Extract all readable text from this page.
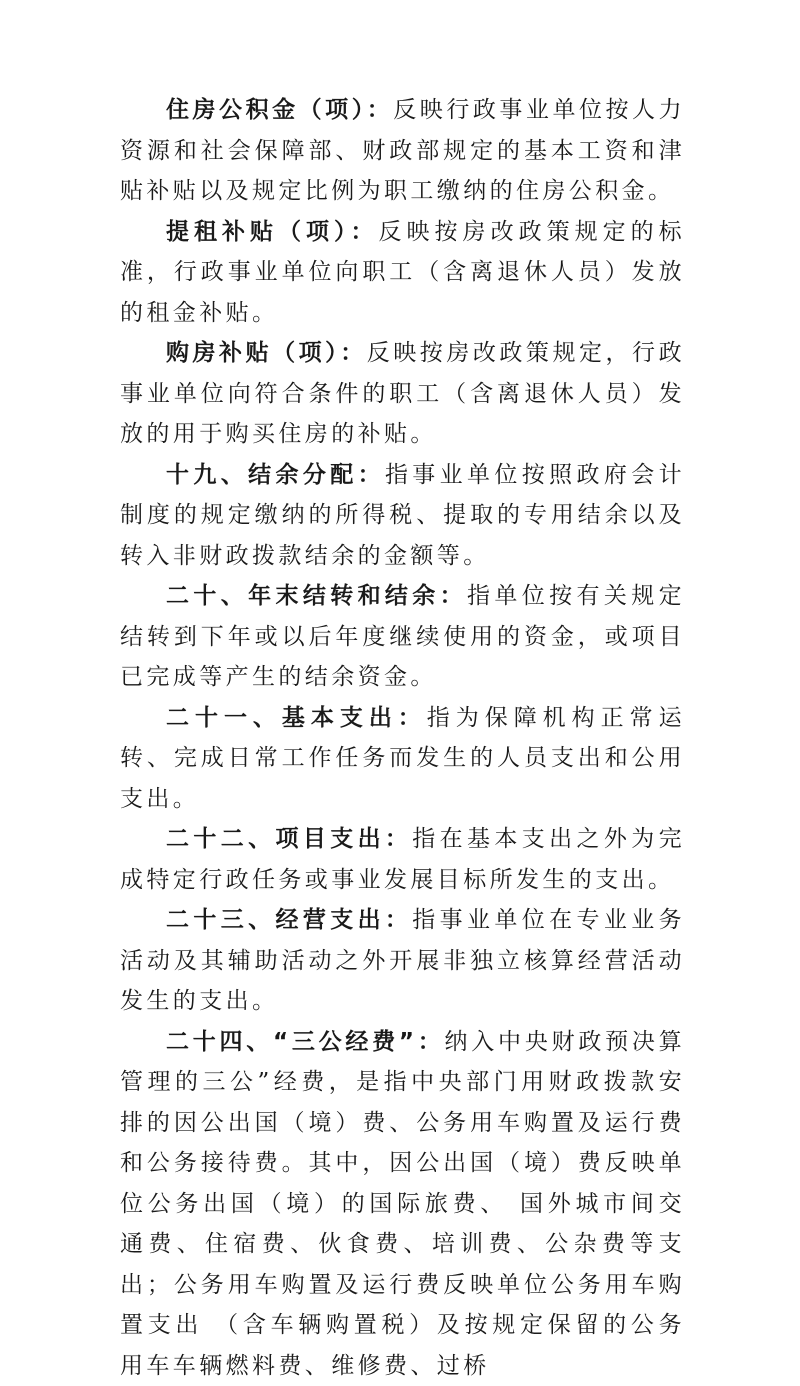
住房公积金（项）：反映行政事业单位按人力资源和社会保障部、财政部规定的基本工资和津贴补贴以及规定比例为职工缴纳的住房公积金。

提租补贴（项）：反映按房改政策规定的标准，行政事业单位向职工（含离退休人员）发放的租金补贴。

购房补贴（项）：反映按房改政策规定，行政事业单位向符合条件的职工（含离退休人员）发放的用于购买住房的补贴。

十九、结余分配：指事业单位按照政府会计制度的规定缴纳的所得税、提取的专用结余以及转入非财政拨款结余的金额等。

二十、年末结转和结余：指单位按有关规定结转到下年或以后年度继续使用的资金，或项目已完成等产生的结余资金。

二十一、基本支出：指为保障机构正常运转、完成日常工作任务而发生的人员支出和公用支出。

二十二、项目支出：指在基本支出之外为完成特定行政任务或事业发展目标所发生的支出。

二十三、经营支出：指事业单位在专业业务活动及其辅助活动之外开展非独立核算经营活动发生的支出。

二十四、“三公经费”：纳入中央财政预决算管理的三公”经费，是指中央部门用财政拨款安排的因公出国（境）费、公务用车购置及运行费和公务接待费。其中，因公出国（境）费反映单位公务出国（境）的国际旅费、 国外城市间交通费、住宿费、伙食费、培训费、公杂费等支出；公务用车购置及运行费反映单位公务用车购置支出 （含车辆购置税）及按规定保留的公务用车车辆燃料费、维修费、过桥
